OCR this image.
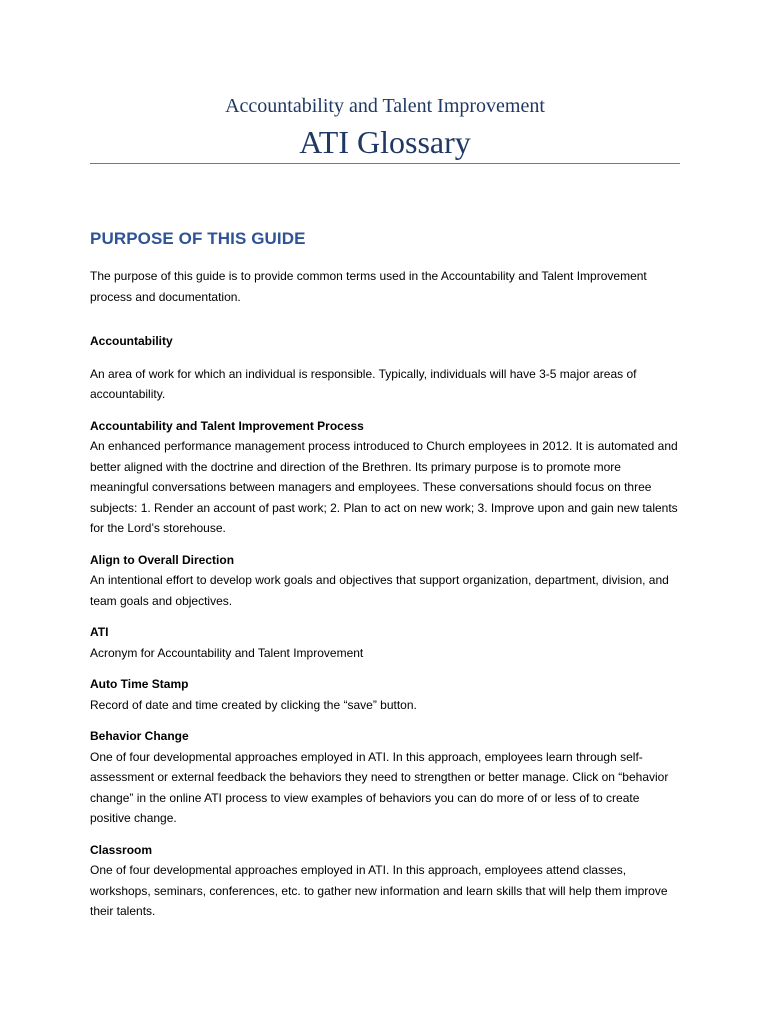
Accountability and Talent Improvement
ATI Glossary
PURPOSE OF THIS GUIDE

The purpose of this guide is to provide common terms used in the Accountability and Talent Improvement process and documentation.

Accountability

An area of work for which an individual is responsible. Typically, individuals will have 3-5 major areas of accountability.

Accountability and Talent Improvement Process

An enhanced performance management process introduced to Church employees in 2012. It is automated and better aligned with the doctrine and direction of the Brethren. Its primary purpose is to promote more meaningful conversations between managers and employees. These conversations should focus on three subjects: 1. Render an account of past work; 2. Plan to act on new work; 3. Improve upon and gain new talents for the Lord’s storehouse.

Align to Overall Direction

An intentional effort to develop work goals and objectives that support organization, department, division, and team goals and objectives.

ATI

Acronym for Accountability and Talent Improvement

Auto Time Stamp

Record of date and time created by clicking the “save” button.

Behavior Change

One of four developmental approaches employed in ATI. In this approach, employees learn through self-assessment or external feedback the behaviors they need to strengthen or better manage. Click on “behavior change” in the online ATI process to view examples of behaviors you can do more of or less of to create positive change.

Classroom

One of four developmental approaches employed in ATI. In this approach, employees attend classes, workshops, seminars, conferences, etc. to gather new information and learn skills that will help them improve their talents.
